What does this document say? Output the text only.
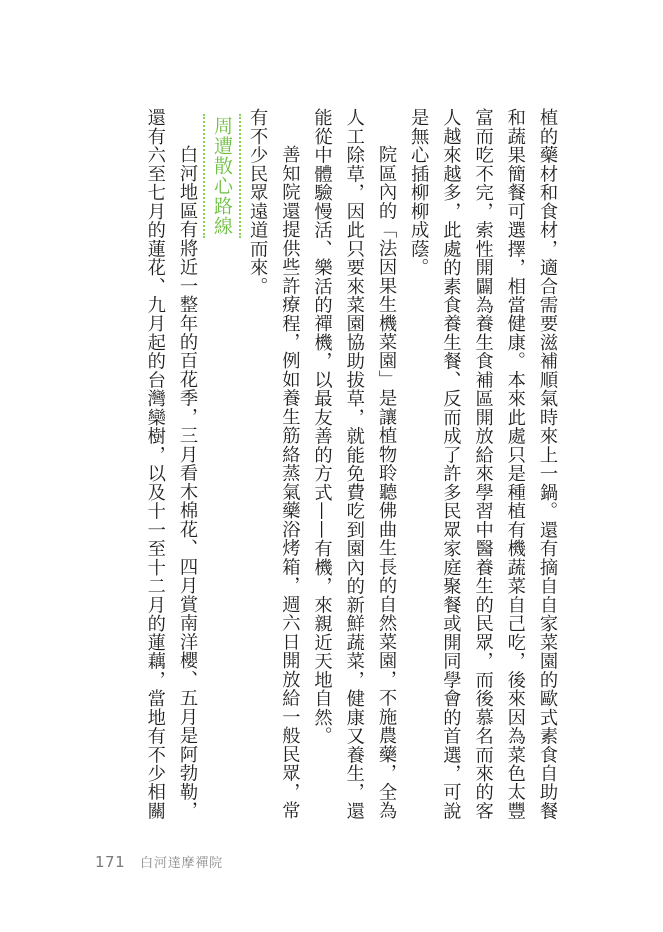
植的藥材和食材，適合需要滋補順氣時來上一鍋。還有摘自自家菜園的歐式素食自助餐
和蔬果簡餐可選擇，相當健康。本來此處只是種植有機蔬菜自己吃，後來因為菜色太豐
富而吃不完，索性開闢為養生食補區開放給來學習中醫養生的民眾，而後慕名而來的客
人越來越多，此處的素食養生餐、反而成了許多民眾家庭聚餐或開同學會的首選，可說
是無心插柳柳成蔭。
院區內的「法因果生機菜園」是讓植物聆聽佛曲生長的自然菜園，不施農藥，全為
人工除草，因此只要來菜園協助拔草，就能免費吃到園內的新鮮蔬菜，健康又養生，還
能從中體驗慢活、樂活的禪機，以最友善的方式——有機，來親近天地自然。
善知院還提供些許療程，例如養生筋絡蒸氣藥浴烤箱，週六日開放給一般民眾，常
有不少民眾遠道而來。
周遭散心路線
白河地區有將近一整年的百花季，三月看木棉花、四月賞南洋櫻、五月是阿勃勒，
還有六至七月的蓮花、九月起的台灣欒樹，以及十一至十二月的蓮藕，當地有不少相關
171 白河達摩禪院
